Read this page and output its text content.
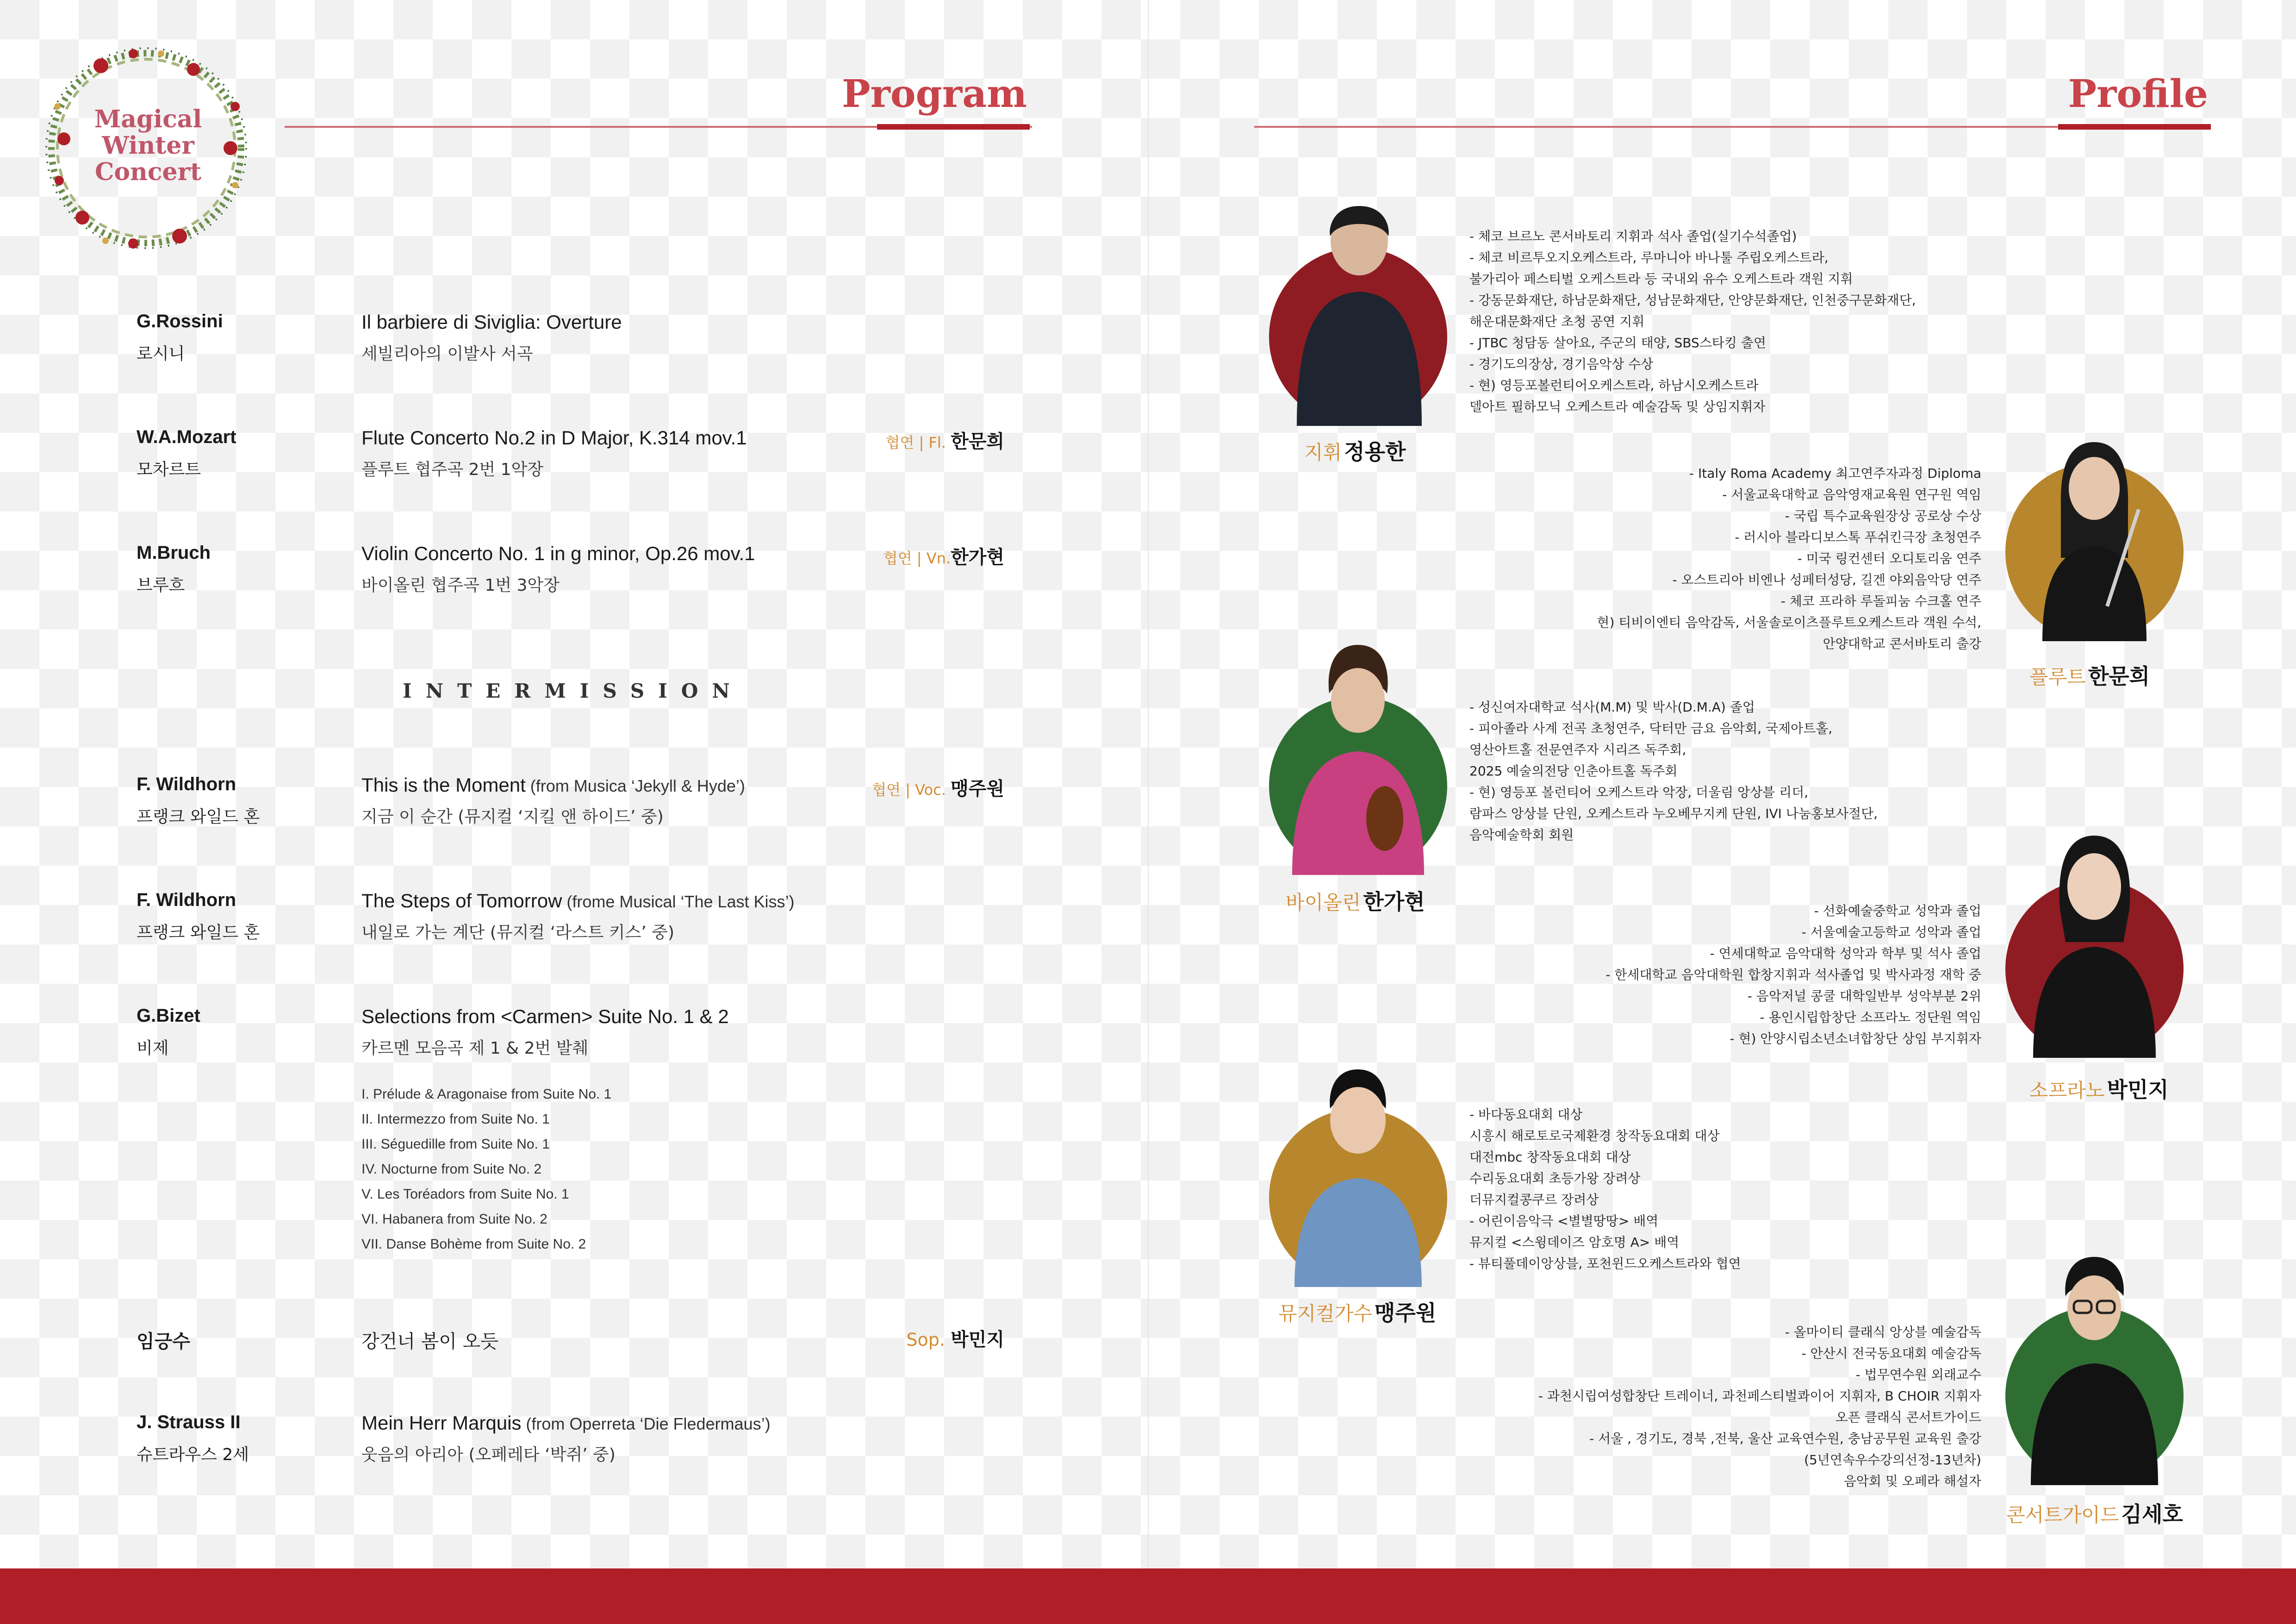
Magical
Winter
Concert
Program
G.Rossini
로시니
Il barbiere di Siviglia: Overture
세빌리아의 이발사 서곡
W.A.Mozart
모차르트
Flute Concerto No.2 in D Major, K.314 mov.1
플루트 협주곡 2번 1악장
협연 | Fl. 한문희
M.Bruch
브루흐
Violin Concerto No. 1 in g minor, Op.26 mov.1
바이올린 협주곡 1번 3악장
협연 | Vn.한가현
INTERMISSION
F. Wildhorn
프랭크 와일드 혼
This is the Moment (from Musica ‘Jekyll & Hyde’)
지금 이 순간 (뮤지컬 ‘지킬 앤 하이드’ 중)
협연 | Voc. 맹주원
F. Wildhorn
프랭크 와일드 혼
The Steps of Tomorrow (frome Musical ‘The Last Kiss’)
내일로 가는 계단 (뮤지컬 ‘라스트 키스’ 중)
G.Bizet
비제
Selections from <Carmen> Suite No. 1 & 2
카르멘 모음곡 제 1 & 2번 발췌
I. Prélude & Aragonaise from Suite No. 1
II. Intermezzo from Suite No. 1
III. Séguedille from Suite No. 1
IV. Nocturne from Suite No. 2
V. Les Toréadors from Suite No. 1
VI. Habanera from Suite No. 2
VII. Danse Bohème from Suite No. 2
임긍수	강건너 봄이 오듯	Sop. 박민지
J. Strauss II
슈트라우스 2세
Mein Herr Marquis (from Operreta ‘Die Fledermaus’)
웃음의 아리아 (오페레타 ‘박쥐’ 중)
Profile
지휘 정용한
- 체코 브르노 콘서바토리 지휘과 석사 졸업(실기수석졸업)
- 체코 비르투오지오케스트라, 루마니아 바나툴 주립오케스트라,
불가리아 페스티벌 오케스트라 등 국내외 유수 오케스트라 객원 지휘
- 강동문화재단, 하남문화재단, 성남문화재단, 안양문화재단, 인천중구문화재단,
해운대문화재단 초청 공연 지휘
- JTBC 청담동 살아요, 주군의 태양, SBS스타킹 출연
- 경기도의장상, 경기음악상 수상
- 현) 영등포볼런티어오케스트라, 하남시오케스트라
델아트 필하모닉 오케스트라 예술감독 및 상임지휘자
플루트 한문희
- Italy Roma Academy 최고연주자과정 Diploma
- 서울교육대학교 음악영재교육원 연구원 역임
- 국립 특수교육원장상 공로상 수상
- 러시아 블라디보스톡 푸쉬킨극장 초청연주
- 미국 링컨센터 오디토리움 연주
- 오스트리아 비엔나 성페터성당, 길겐 야외음악당 연주
- 체코 프라하 루돌피눔 수크홀 연주
현) 티비이엔티 음악감독, 서울솔로이츠플루트오케스트라 객원 수석,
안양대학교 콘서바토리 출강
바이올린 한가현
- 성신여자대학교 석사(M.M) 및 박사(D.M.A) 졸업
- 피아졸라 사계 전곡 초청연주, 닥터만 금요 음악회, 국제아트홀,
영산아트홀 전문연주자 시리즈 독주회,
2025 예술의전당 인춘아트홀 독주회
- 현) 영등포 볼런티어 오케스트라 악장, 더울림 앙상블 리더,
람파스 앙상블 단원, 오케스트라 누오베무지케 단원, IVI 나눔홍보사절단,
음악예술학회 회원
소프라노 박민지
- 선화예술중학교 성악과 졸업
- 서울예술고등학교 성악과 졸업
- 연세대학교 음악대학 성악과 학부 및 석사 졸업
- 한세대학교 음악대학원 합창지휘과 석사졸업 및 박사과정 재학 중
- 음악저널 콩쿨 대학일반부 성악부분 2위
- 용인시립합창단 소프라노 정단원 역임
- 현) 안양시립소년소녀합창단 상임 부지휘자
뮤지컬가수 맹주원
- 바다동요대회 대상
시흥시 해로토로국제환경 창작동요대회 대상
대전mbc 창작동요대회 대상
수리동요대회 초등가왕 장려상
더뮤지컬콩쿠르 장려상
- 어린이음악극 <별별땅땅> 배역
뮤지컬 <스윙데이즈 암호명 A> 배역
- 뷰티풀데이앙상블, 포천윈드오케스트라와 협연
콘서트가이드 김세호
- 올마이티 클래식 앙상블 예술감독
- 안산시 전국동요대회 예술감독
- 법무연수원 외래교수
- 과천시립여성합창단 트레이너, 과천페스티벌콰이어 지휘자, B CHOIR 지휘자
오픈 클래식 콘서트가이드
- 서울 , 경기도, 경북 ,전북, 울산 교육연수원, 충남공무원 교육원 출강
(5년연속우수강의선정-13년차)
음악회 및 오페라 해설자
